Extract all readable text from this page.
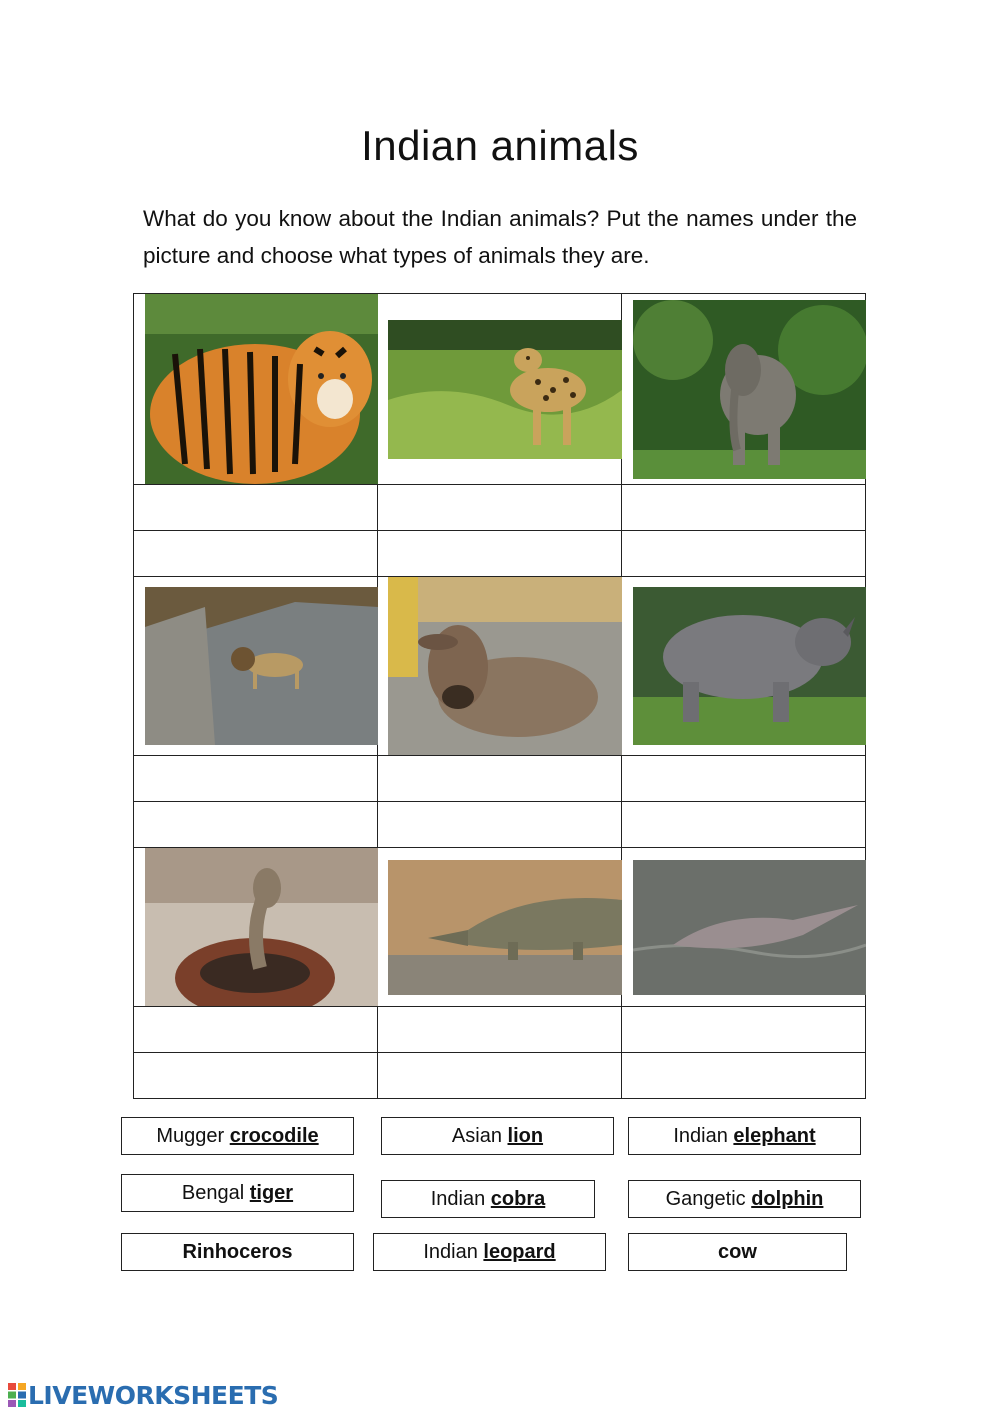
Indian animals
What do you know about the Indian animals? Put the names under the picture and choose what types of animals they are.

Mugger crocodile	Asian lion	Indian elephant
Bengal tiger	Indian cobra	Gangetic dolphin
Rinhoceros	Indian leopard	cow
LIVEWORKSHEETS
